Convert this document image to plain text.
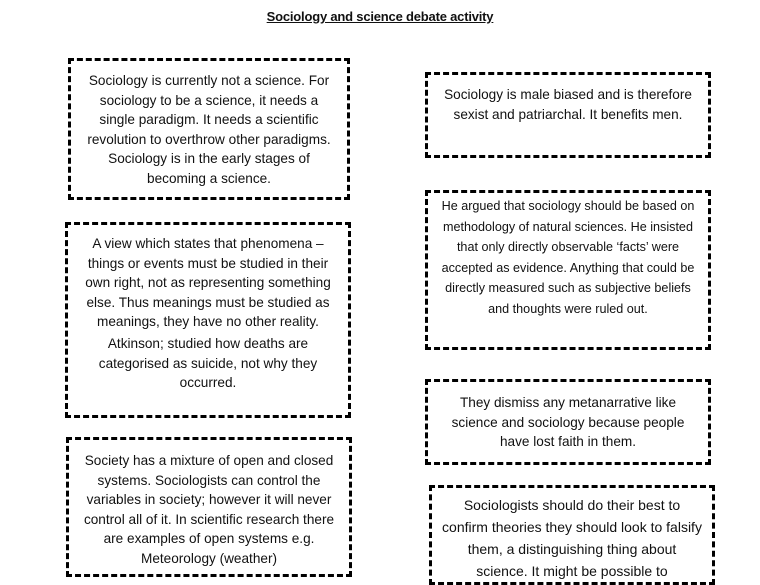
Sociology and science debate activity

Sociology is currently not a science. For sociology to be a science, it needs a single paradigm. It needs a scientific revolution to overthrow other paradigms. Sociology is in the early stages of becoming a science.

A view which states that phenomena – things or events must be studied in their own right, not as representing something else. Thus meanings must be studied as meanings, they have no other reality.

Atkinson; studied how deaths are categorised as suicide, not why they occurred.

Society has a mixture of open and closed systems. Sociologists can control the variables in society; however it will never control all of it. In scientific research there are examples of open systems e.g. Meteorology (weather)

Sociology is male biased and is therefore sexist and patriarchal. It benefits men.

He argued that sociology should be based on methodology of natural sciences. He insisted that only directly observable ‘facts’ were accepted as evidence. Anything that could be directly measured such as subjective beliefs and thoughts were ruled out.

They dismiss any metanarrative like science and sociology because people have lost faith in them.

Sociologists should do their best to confirm theories they should look to falsify them, a distinguishing thing about science. It might be possible to
